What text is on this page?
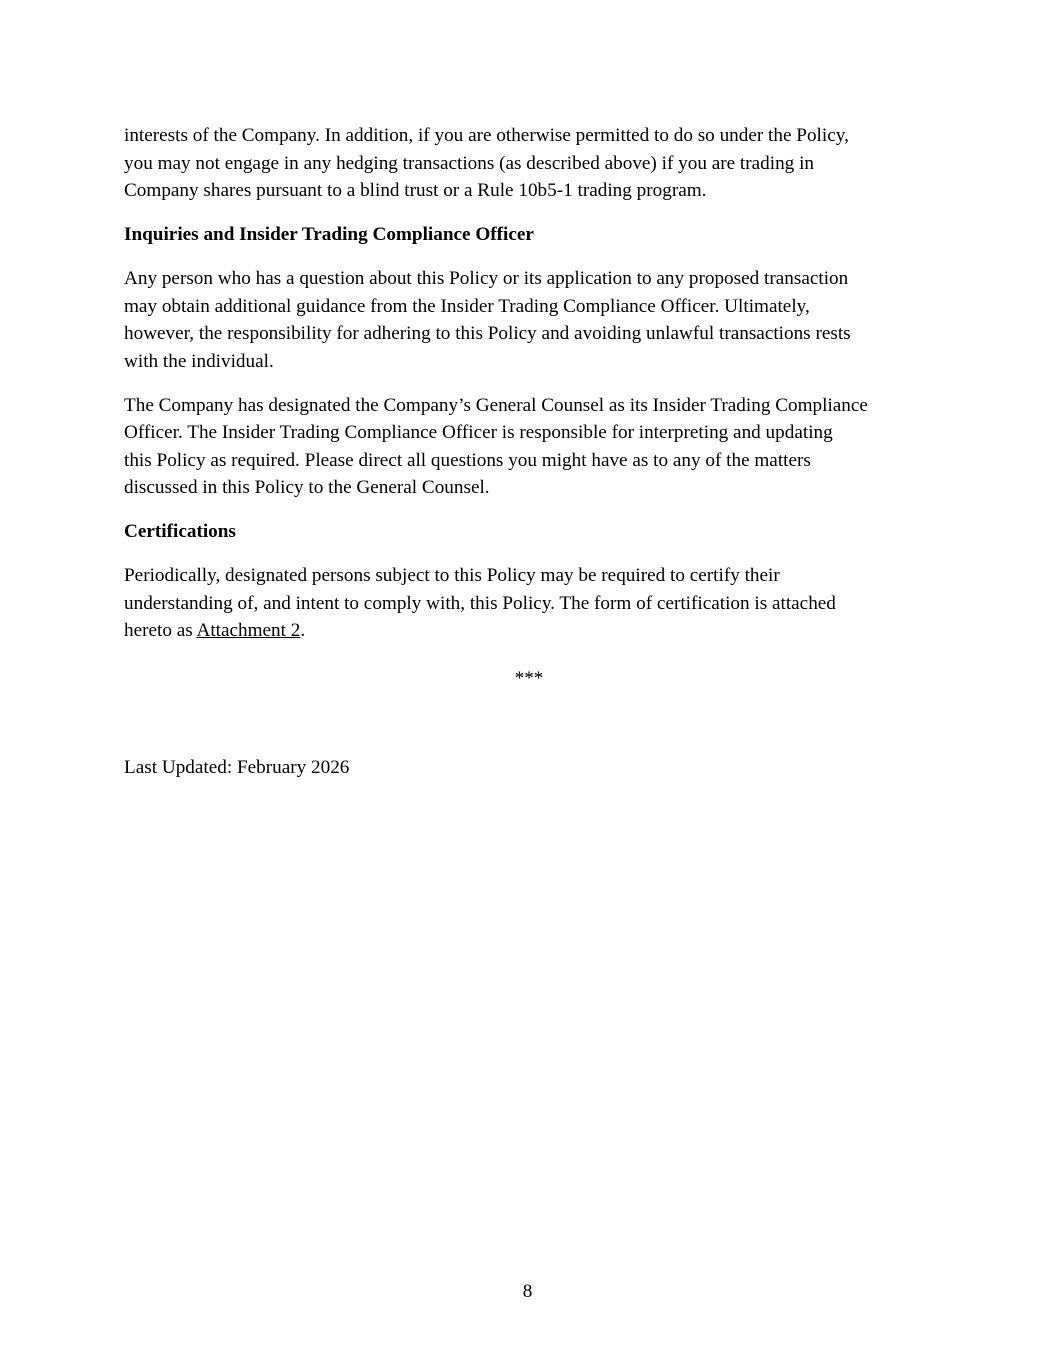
interests of the Company. In addition, if you are otherwise permitted to do so under the Policy,
you may not engage in any hedging transactions (as described above) if you are trading in
Company shares pursuant to a blind trust or a Rule 10b5-1 trading program.

Inquiries and Insider Trading Compliance Officer

Any person who has a question about this Policy or its application to any proposed transaction
may obtain additional guidance from the Insider Trading Compliance Officer. Ultimately,
however, the responsibility for adhering to this Policy and avoiding unlawful transactions rests
with the individual.

The Company has designated the Company’s General Counsel as its Insider Trading Compliance
Officer. The Insider Trading Compliance Officer is responsible for interpreting and updating
this Policy as required. Please direct all questions you might have as to any of the matters
discussed in this Policy to the General Counsel.

Certifications

Periodically, designated persons subject to this Policy may be required to certify their
understanding of, and intent to comply with, this Policy. The form of certification is attached
hereto as Attachment 2.

***

Last Updated: February 2026

8
